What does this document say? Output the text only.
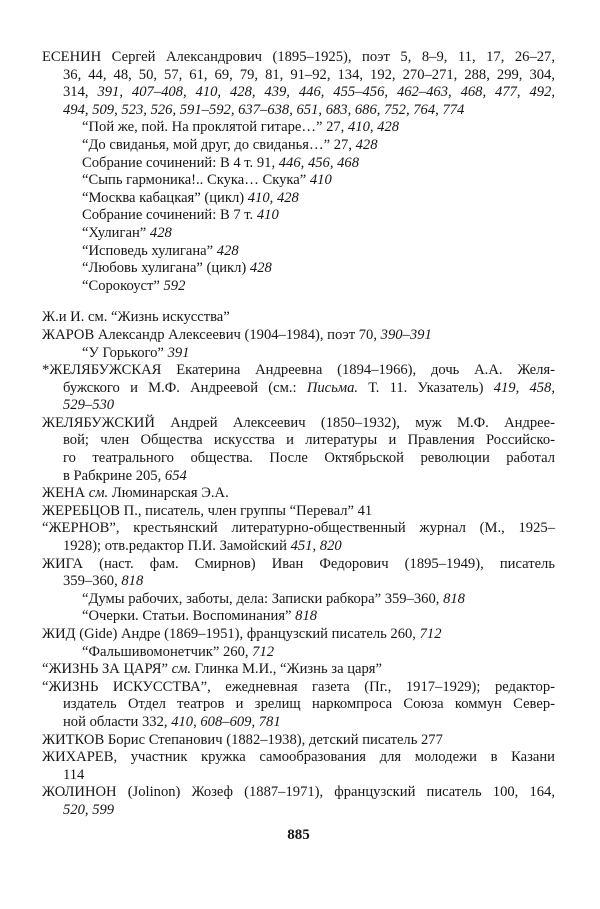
ЕСЕНИН Сергей Александрович (1895–1925), поэт 5, 8–9, 11, 17, 26–27,
36, 44, 48, 50, 57, 61, 69, 79, 81, 91–92, 134, 192, 270–271, 288, 299, 304,
314, 391, 407–408, 410, 428, 439, 446, 455–456, 462–463, 468, 477, 492,
494, 509, 523, 526, 591–592, 637–638, 651, 683, 686, 752, 764, 774
“Пой же, пой. На проклятой гитаре…” 27, 410, 428
“До свиданья, мой друг, до свиданья…” 27, 428
Собрание сочинений: В 4 т. 91, 446, 456, 468
“Сыпь гармоника!.. Скука… Скука” 410
“Москва кабацкая” (цикл) 410, 428
Собрание сочинений: В 7 т. 410
“Хулиган” 428
“Исповедь хулигана” 428
“Любовь хулигана” (цикл) 428
“Сорокоуст” 592
Ж.и И. см. “Жизнь искусства”
ЖАРОВ Александр Алексеевич (1904–1984), поэт 70, 390–391
“У Горького” 391
*ЖЕЛЯБУЖСКАЯ Екатерина Андреевна (1894–1966), дочь А.А. Желя-
бужского и М.Ф. Андреевой (см.: Письма. Т. 11. Указатель) 419, 458,
529–530
ЖЕЛЯБУЖСКИЙ Андрей Алексеевич (1850–1932), муж М.Ф. Андрее-
вой; член Общества искусства и литературы и Правления Российско-
го театрального общества. После Октябрьской революции работал
в Рабкрине 205, 654
ЖЕНА см. Люминарская Э.А.
ЖЕРЕБЦОВ П., писатель, член группы “Перевал” 41
“ЖЕРНОВ”, крестьянский литературно-общественный журнал (М., 1925–
1928); отв.редактор П.И. Замойский 451, 820
ЖИГА (наст. фам. Смирнов) Иван Федорович (1895–1949), писатель
359–360, 818
“Думы рабочих, заботы, дела: Записки рабкора” 359–360, 818
“Очерки. Статьи. Воспоминания” 818
ЖИД (Gide) Андре (1869–1951), французский писатель 260, 712
“Фальшивомонетчик” 260, 712
“ЖИЗНЬ ЗА ЦАРЯ” см. Глинка М.И., “Жизнь за царя”
“ЖИЗНЬ ИСКУССТВА”, ежедневная газета (Пг., 1917–1929); редактор-
издатель Отдел театров и зрелищ наркомпроса Союза коммун Север-
ной области 332, 410, 608–609, 781
ЖИТКОВ Борис Степанович (1882–1938), детский писатель 277
ЖИХАРЕВ, участник кружка самообразования для молодежи в Казани
114
ЖОЛИНОН (Jolinon) Жозеф (1887–1971), французский писатель 100, 164,
520, 599
885
